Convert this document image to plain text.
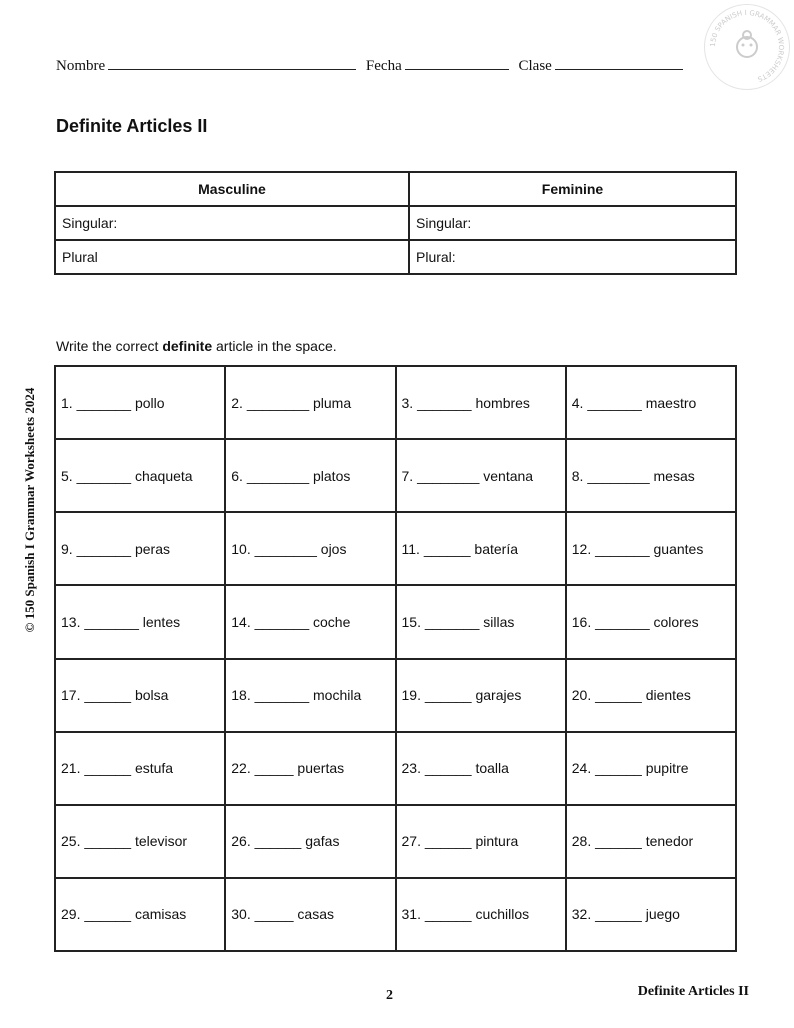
Nombre	Fecha	Clase
150 SPANISH I GRAMMAR WORKSHEETS
Definite Articles II
Masculine	Feminine
Singular:	Singular:
Plural	Plural:
Write the correct definite article in the space.
1. _______ pollo	2. ________ pluma	3. _______ hombres	4. _______ maestro
5. _______ chaqueta	6. ________ platos	7. ________ ventana	8. ________ mesas
9. _______ peras	10. ________ ojos	11. ______ batería	12. _______ guantes
13. _______ lentes	14. _______ coche	15. _______ sillas	16. _______ colores
17. ______ bolsa	18. _______ mochila	19. ______ garajes	20. ______ dientes
21. ______ estufa	22. _____ puertas	23. ______ toalla	24. ______ pupitre
25. ______ televisor	26. ______ gafas	27. ______ pintura	28. ______ tenedor
29. ______ camisas	30. _____ casas	31. ______ cuchillos	32. ______ juego
© 150 Spanish I Grammar Worksheets 2024
2	Definite Articles II
